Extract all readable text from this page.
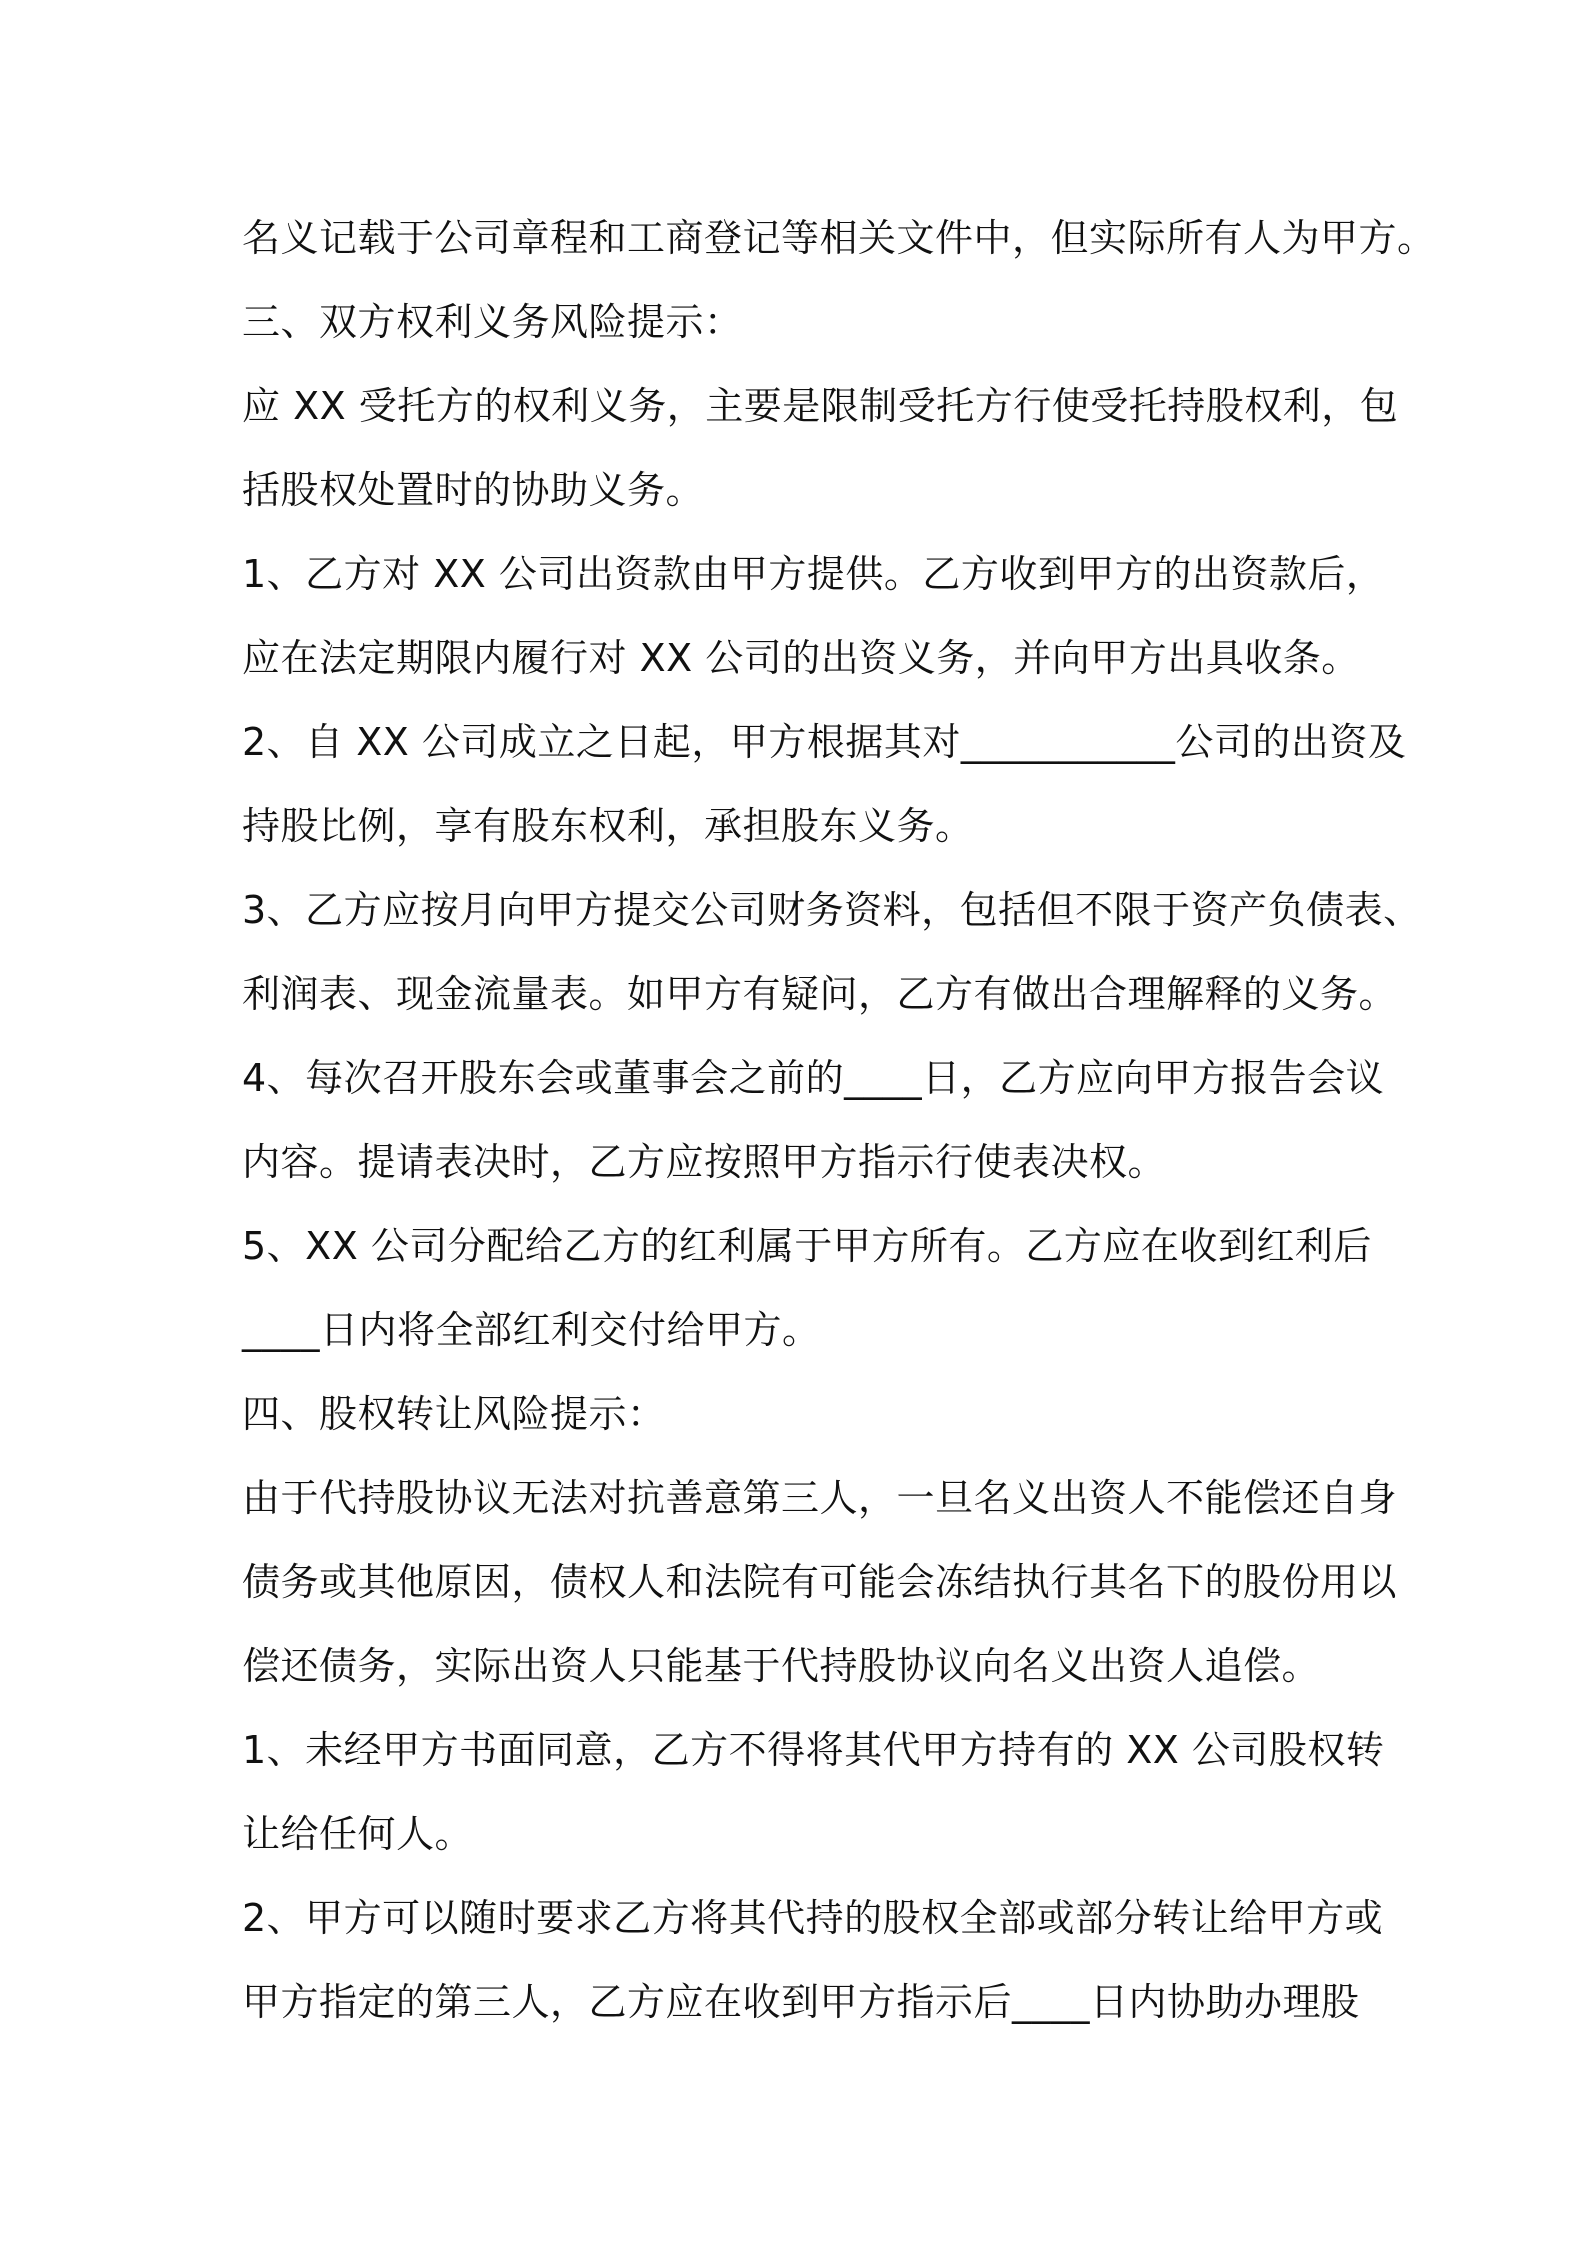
名义记载于公司章程和工商登记等相关文件中，但实际所有人为甲方。
三、双方权利义务风险提示：
应 XX 受托方的权利义务，主要是限制受托方行使受托持股权利，包
括股权处置时的协助义务。
1、乙方对 XX 公司出资款由甲方提供。乙方收到甲方的出资款后，
应在法定期限内履行对 XX 公司的出资义务，并向甲方出具收条。
2、自 XX 公司成立之日起，甲方根据其对___________公司的出资及
持股比例，享有股东权利，承担股东义务。
3、乙方应按月向甲方提交公司财务资料，包括但不限于资产负债表、
利润表、现金流量表。如甲方有疑问，乙方有做出合理解释的义务。
4、每次召开股东会或董事会之前的____日，乙方应向甲方报告会议
内容。提请表决时，乙方应按照甲方指示行使表决权。
5、XX 公司分配给乙方的红利属于甲方所有。乙方应在收到红利后
____日内将全部红利交付给甲方。
四、股权转让风险提示：
由于代持股协议无法对抗善意第三人，一旦名义出资人不能偿还自身
债务或其他原因，债权人和法院有可能会冻结执行其名下的股份用以
偿还债务，实际出资人只能基于代持股协议向名义出资人追偿。
1、未经甲方书面同意，乙方不得将其代甲方持有的 XX 公司股权转
让给任何人。
2、甲方可以随时要求乙方将其代持的股权全部或部分转让给甲方或
甲方指定的第三人，乙方应在收到甲方指示后____日内协助办理股
